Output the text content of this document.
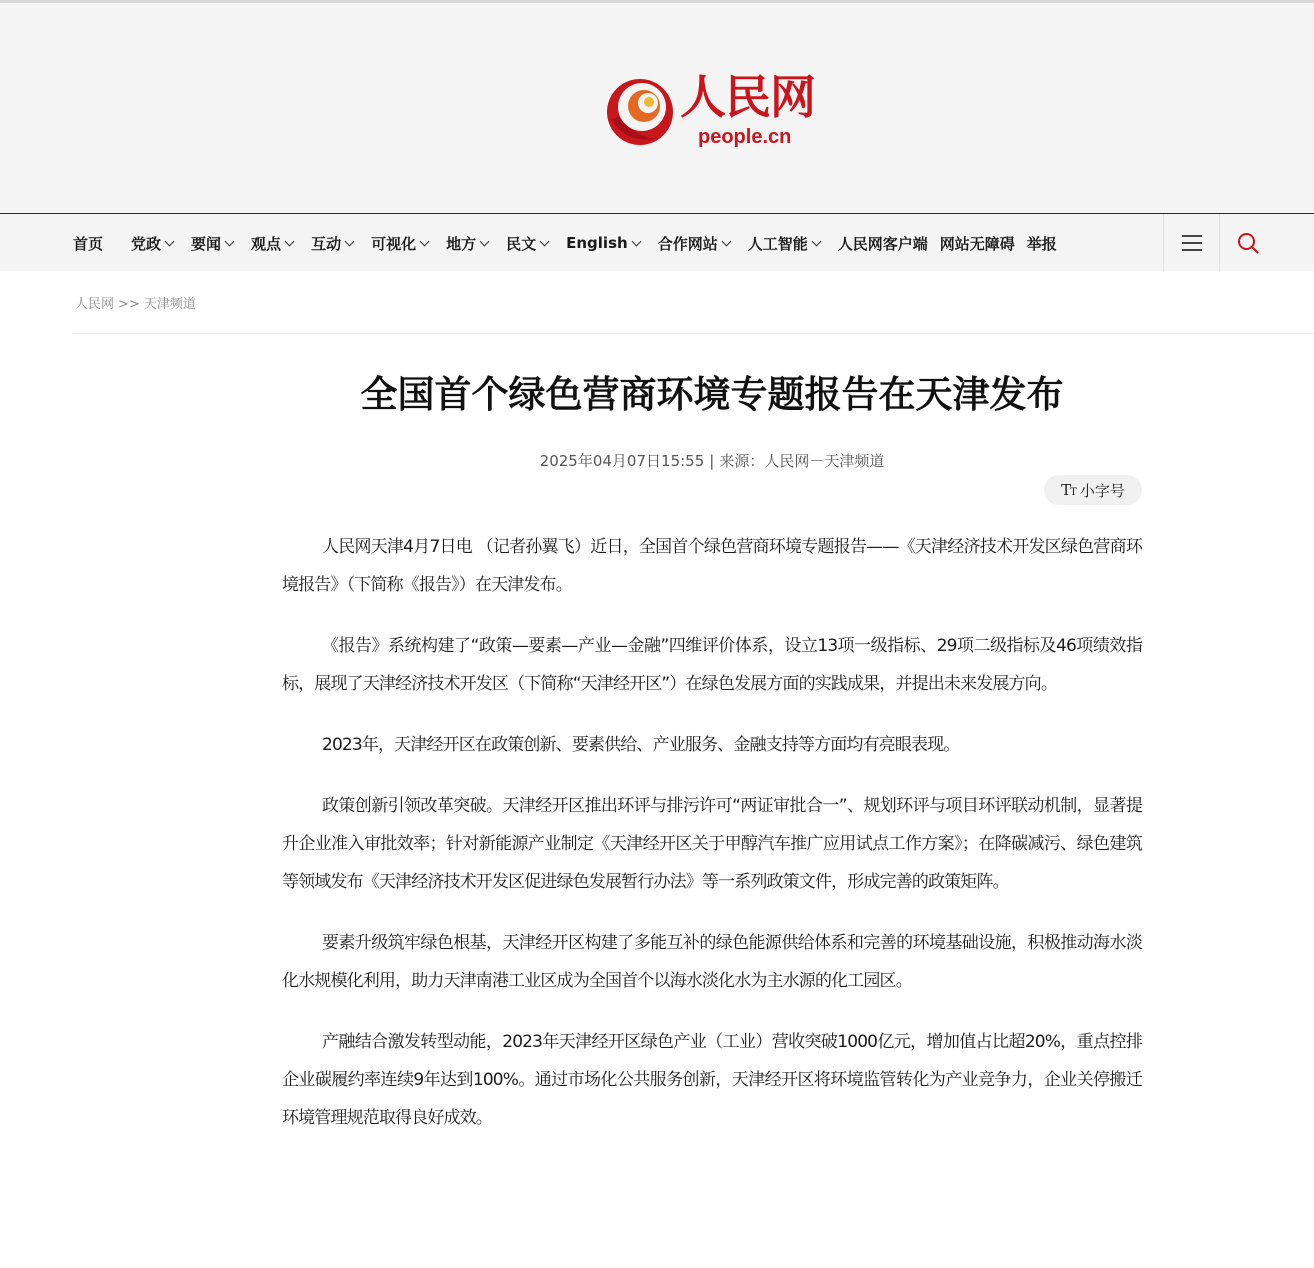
人民网
people.cn
首页 党政 要闻 观点 互动 可视化 地方 民文 English 合作网站 人工智能 人民网客户端 网站无障碍 举报
人民网 >> 天津频道
全国首个绿色营商环境专题报告在天津发布
2025年04月07日15:55 | 来源：人民网－天津频道
TT 小字号

人民网天津4月7日电 （记者孙翼飞）近日，全国首个绿色营商环境专题报告——《天津经济技术开发区绿色营商环境报告》（下简称《报告》）在天津发布。

《报告》系统构建了“政策—要素—产业—金融”四维评价体系，设立13项一级指标、29项二级指标及46项绩效指标，展现了天津经济技术开发区（下简称“天津经开区”）在绿色发展方面的实践成果，并提出未来发展方向。

2023年，天津经开区在政策创新、要素供给、产业服务、金融支持等方面均有亮眼表现。

政策创新引领改革突破。天津经开区推出环评与排污许可“两证审批合一”、规划环评与项目环评联动机制，显著提升企业准入审批效率；针对新能源产业制定《天津经开区关于甲醇汽车推广应用试点工作方案》；在降碳减污、绿色建筑等领域发布《天津经济技术开发区促进绿色发展暂行办法》等一系列政策文件，形成完善的政策矩阵。

要素升级筑牢绿色根基，天津经开区构建了多能互补的绿色能源供给体系和完善的环境基础设施，积极推动海水淡化水规模化利用，助力天津南港工业区成为全国首个以海水淡化水为主水源的化工园区。

产融结合激发转型动能，2023年天津经开区绿色产业（工业）营收突破1000亿元，增加值占比超20%，重点控排企业碳履约率连续9年达到100%。通过市场化公共服务创新，天津经开区将环境监管转化为产业竞争力，企业关停搬迁环境管理规范取得良好成效。
